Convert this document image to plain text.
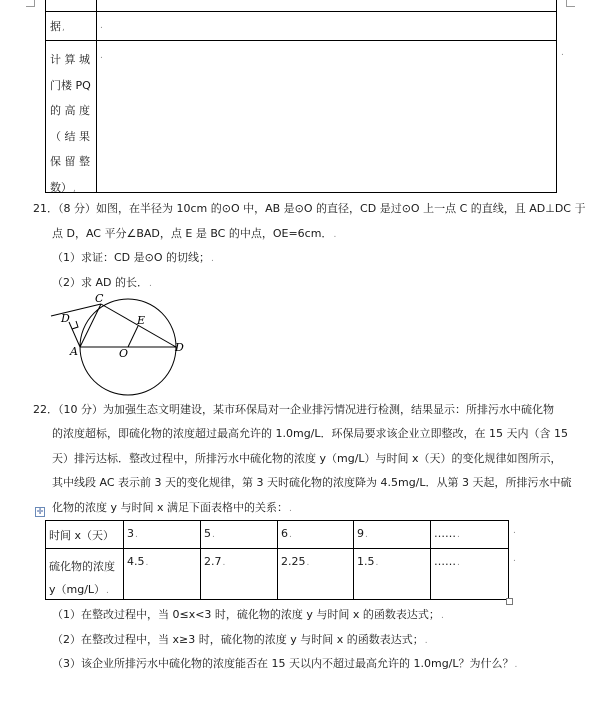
据,	.
计 算 城
门楼 PQ
的 高 度
（ 结 果
保 留 整
数）,
.	.
21．（8 分）如图，在半径为 10cm 的⊙O 中，AB 是⊙O 的直径，CD 是过⊙O 上一点 C 的直线，且 AD⊥DC 于
点 D，AC 平分∠BAD，点 E 是 BC 的中点，OE=6cm．.
（1）求证：CD 是⊙O 的切线；.
（2）求 AD 的长．.
C
D	E
A	O	D
22．（10 分）为加强生态文明建设，某市环保局对一企业排污情况进行检测，结果显示：所排污水中硫化物
的浓度超标，即硫化物的浓度超过最高允许的 1.0mg/L．环保局要求该企业立即整改，在 15 天内（含 15
天）排污达标．整改过程中，所排污水中硫化物的浓度 y（mg/L）与时间 x（天）的变化规律如图所示，
其中线段 AC 表示前 3 天的变化规律，第 3 天时硫化物的浓度降为 4.5mg/L．从第 3 天起，所排污水中硫
化物的浓度 y 与时间 x 满足下面表格中的关系：.
✛
时间 x（天） 3.	5.	6.	9.	…….
硫化物的浓度
y（mg/L）.
4.5.	2.7.	2.25.	1.5.	…….
.
.
（1）在整改过程中，当 0≤x<3 时，硫化物的浓度 y 与时间 x 的函数表达式；.
（2）在整改过程中，当 x≥3 时，硫化物的浓度 y 与时间 x 的函数表达式；.
（3）该企业所排污水中硫化物的浓度能否在 15 天以内不超过最高允许的 1.0mg/L？为什么？.
